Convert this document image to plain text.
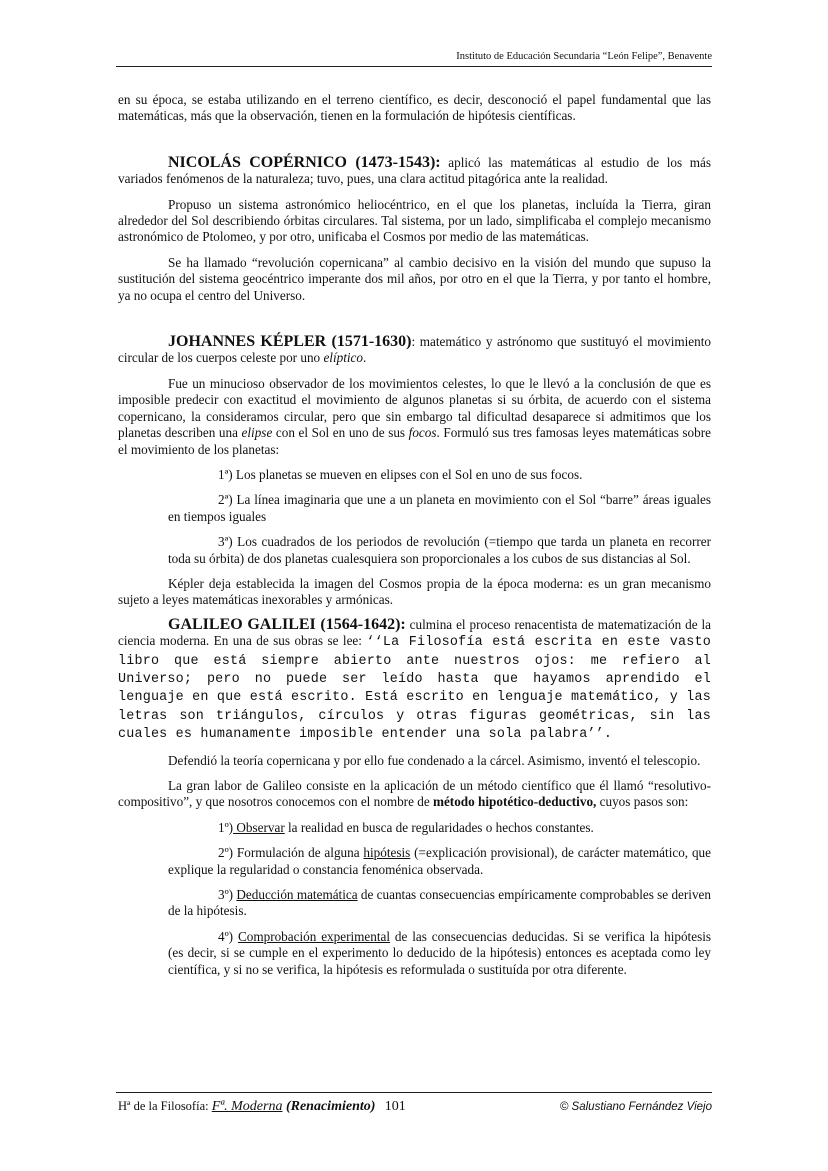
Instituto de Educación Secundaria “León Felipe”, Benavente

en su época, se estaba utilizando en el terreno científico, es decir, desconoció el papel fundamental que las matemáticas, más que la observación, tienen en la formulación de hipótesis científicas.

NICOLÁS COPÉRNICO (1473-1543): aplicó las matemáticas al estudio de los más variados fenómenos de la naturaleza; tuvo, pues, una clara actitud pitagórica ante la realidad.

Propuso un sistema astronómico heliocéntrico, en el que los planetas, incluída la Tierra, giran alrededor del Sol describiendo órbitas circulares. Tal sistema, por un lado, simplificaba el complejo mecanismo astronómico de Ptolomeo, y por otro, unificaba el Cosmos por medio de las matemáticas.

Se ha llamado “revolución copernicana” al cambio decisivo en la visión del mundo que supuso la sustitución del sistema geocéntrico imperante dos mil años, por otro en el que la Tierra, y por tanto el hombre, ya no ocupa el centro del Universo.

JOHANNES KÉPLER (1571-1630): matemático y astrónomo que sustituyó el movimiento circular de los cuerpos celeste por uno elíptico.

Fue un minucioso observador de los movimientos celestes, lo que le llevó a la conclusión de que es imposible predecir con exactitud el movimiento de algunos planetas si su órbita, de acuerdo con el sistema copernicano, la consideramos circular, pero que sin embargo tal dificultad desaparece si admitimos que los planetas describen una elipse con el Sol en uno de sus focos. Formuló sus tres famosas leyes matemáticas sobre el movimiento de los planetas:

1ª) Los planetas se mueven en elipses con el Sol en uno de sus focos.

2ª) La línea imaginaria que une a un planeta en movimiento con el Sol “barre” áreas iguales en tiempos iguales

3ª) Los cuadrados de los periodos de revolución (=tiempo que tarda un planeta en recorrer toda su órbita) de dos planetas cualesquiera son proporcionales a los cubos de sus distancias al Sol.

Képler deja establecida la imagen del Cosmos propia de la época moderna: es un gran mecanismo sujeto a leyes matemáticas inexorables y armónicas.

GALILEO GALILEI (1564-1642): culmina el proceso renacentista de matematización de la ciencia moderna. En una de sus obras se lee: ‘‘La Filosofía está escrita en este vasto libro que está siempre abierto ante nuestros ojos: me refiero al Universo; pero no puede ser leído hasta que hayamos aprendido el lenguaje en que está escrito. Está escrito en lenguaje matemático, y las letras son triángulos, círculos y otras figuras geométricas, sin las cuales es humanamente imposible entender una sola palabra’’.

Defendió la teoría copernicana y por ello fue condenado a la cárcel. Asimismo, inventó el telescopio.

La gran labor de Galileo consiste en la aplicación de un método científico que él llamó “resolutivo-compositivo”, y que nosotros conocemos con el nombre de método hipotético-deductivo, cuyos pasos son:

1º) Observar la realidad en busca de regularidades o hechos constantes.

2º) Formulación de alguna hipótesis (=explicación provisional), de carácter matemático, que explique la regularidad o constancia fenoménica observada.

3º) Deducción matemática de cuantas consecuencias empíricamente comprobables se deriven de la hipótesis.

4º) Comprobación experimental de las consecuencias deducidas. Si se verifica la hipótesis (es decir, si se cumple en el experimento lo deducido de la hipótesis) entonces es aceptada como ley científica, y si no se verifica, la hipótesis es reformulada o sustituída por otra diferente.

Hª de la Filosofía: Fª. Moderna (Renacimiento) 101	© Salustiano Fernández Viejo
